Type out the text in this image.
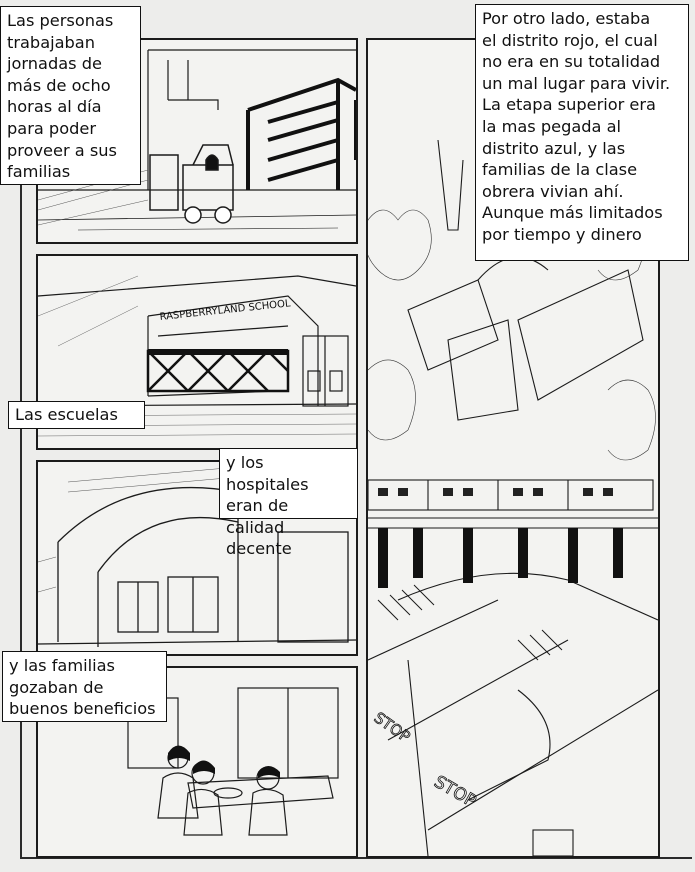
RASPBERRYLAND SCHOOL
STOP
STOP
Las personas
trabajaban
jornadas de
más de ocho
horas al día
para poder
proveer a sus
familias
Por otro lado, estaba
el distrito rojo, el cual
no era en su totalidad
un mal lugar para vivir.
La etapa superior era
la mas pegada al
distrito azul, y las
familias de la clase
obrera vivian ahí.
Aunque más limitados
por tiempo y dinero
Las escuelas
y los hospitales
eran de calidad
decente
y las familias
gozaban de
buenos beneficios
